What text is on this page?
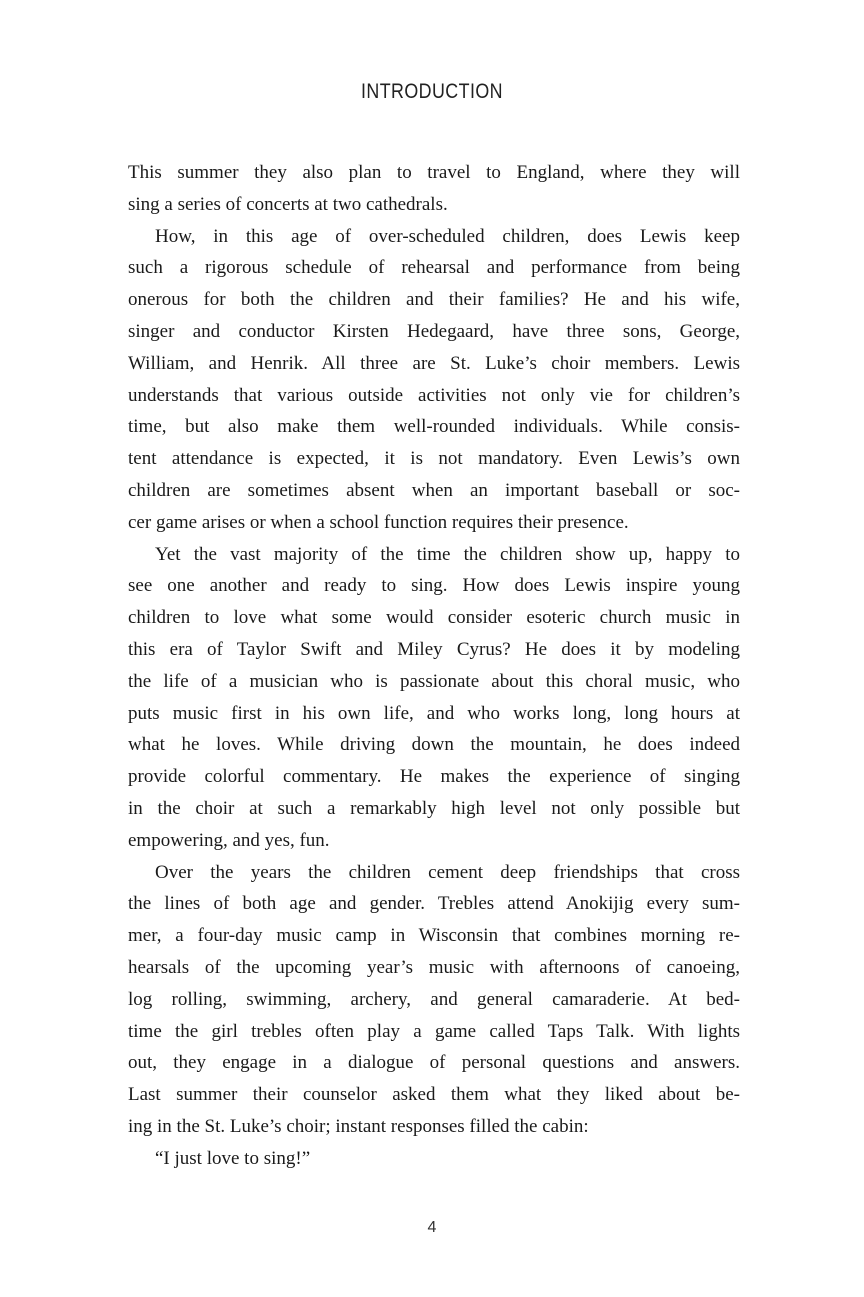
INTRODUCTION
This summer they also plan to travel to England, where they will
sing a series of concerts at two cathedrals.
How, in this age of over-scheduled children, does Lewis keep
such a rigorous schedule of rehearsal and performance from being
onerous for both the children and their families? He and his wife,
singer and conductor Kirsten Hedegaard, have three sons, George,
William, and Henrik. All three are St. Luke’s choir members. Lewis
understands that various outside activities not only vie for children’s
time, but also make them well-rounded individuals. While consis-
tent attendance is expected, it is not mandatory. Even Lewis’s own
children are sometimes absent when an important baseball or soc-
cer game arises or when a school function requires their presence.
Yet the vast majority of the time the children show up, happy to
see one another and ready to sing. How does Lewis inspire young
children to love what some would consider esoteric church music in
this era of Taylor Swift and Miley Cyrus? He does it by modeling
the life of a musician who is passionate about this choral music, who
puts music first in his own life, and who works long, long hours at
what he loves. While driving down the mountain, he does indeed
provide colorful commentary. He makes the experience of singing
in the choir at such a remarkably high level not only possible but
empowering, and yes, fun.
Over the years the children cement deep friendships that cross
the lines of both age and gender. Trebles attend Anokijig every sum-
mer, a four-day music camp in Wisconsin that combines morning re-
hearsals of the upcoming year’s music with afternoons of canoeing,
log rolling, swimming, archery, and general camaraderie. At bed-
time the girl trebles often play a game called Taps Talk. With lights
out, they engage in a dialogue of personal questions and answers.
Last summer their counselor asked them what they liked about be-
ing in the St. Luke’s choir; instant responses filled the cabin:
“I just love to sing!”
4
